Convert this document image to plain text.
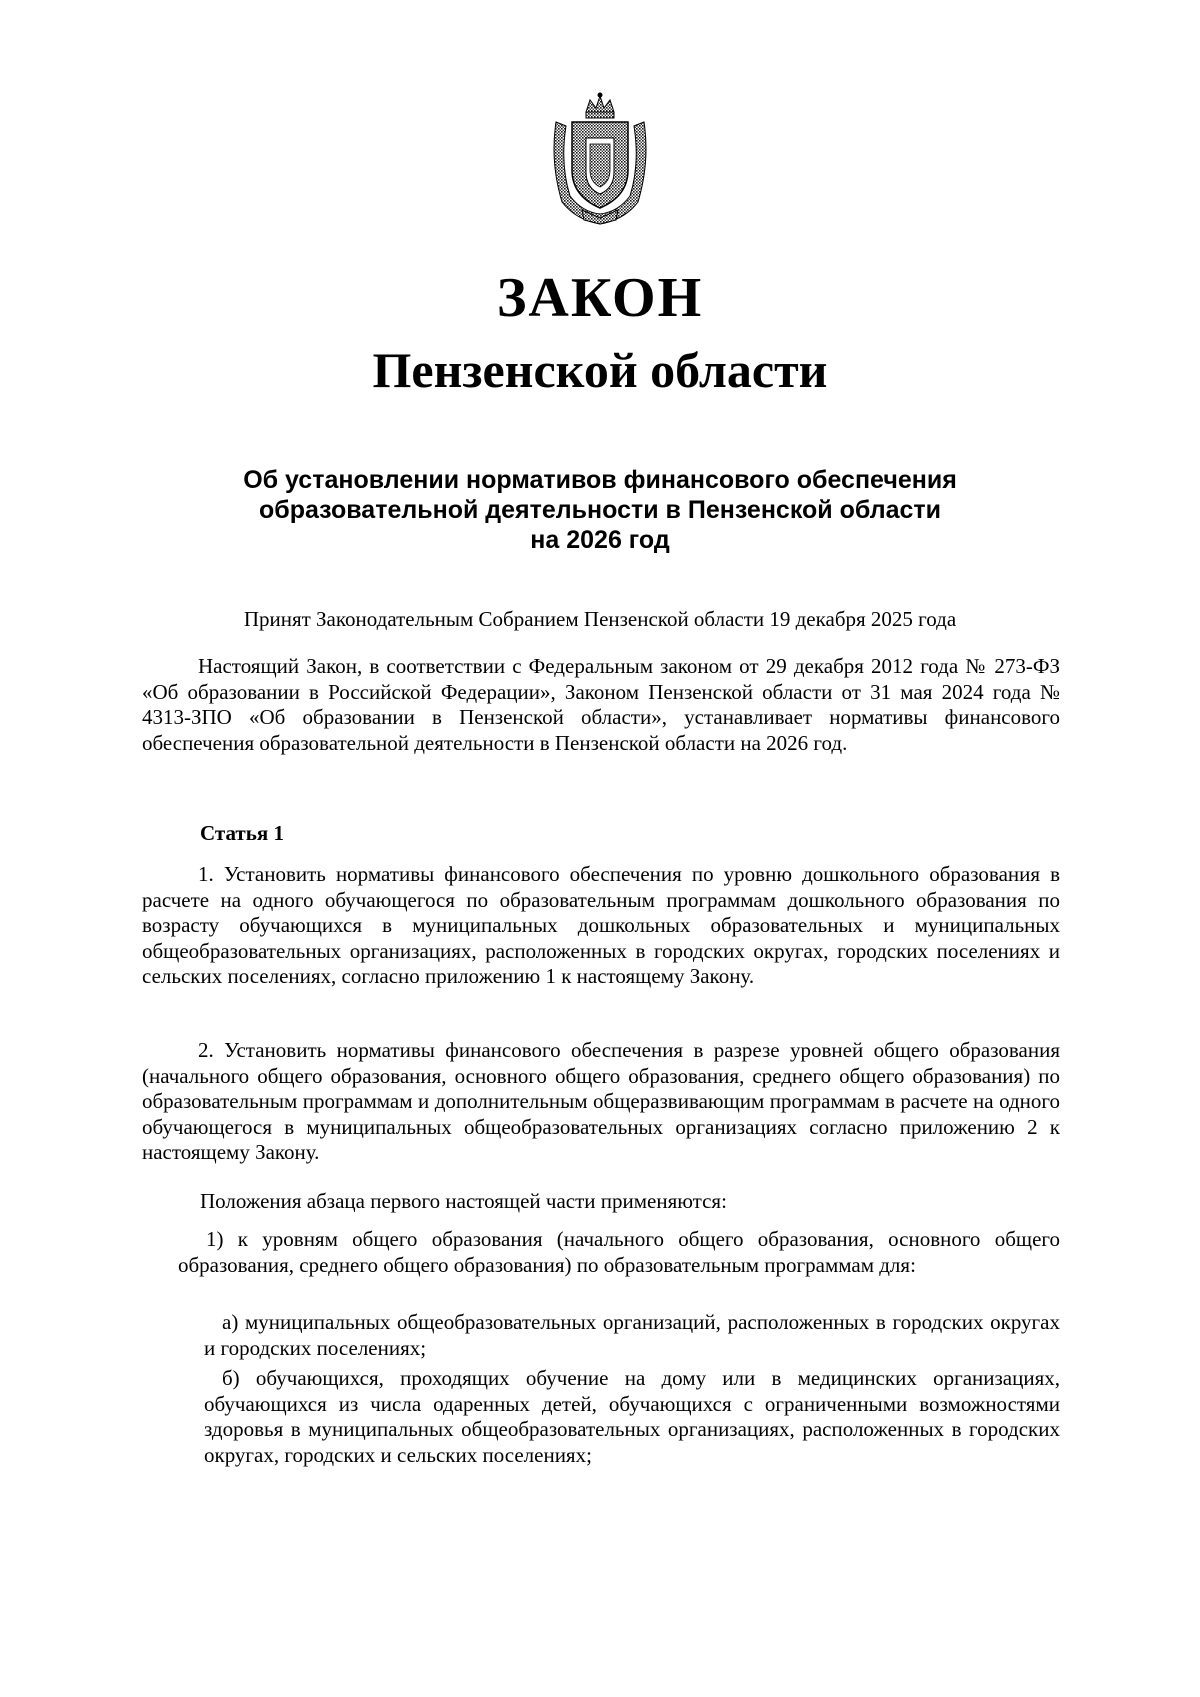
ЗАКОН
Пензенской области
Об установлении нормативов финансового обеспечения
образовательной деятельности в Пензенской области
на 2026 год
Принят Законодательным Собранием Пензенской области 19 декабря 2025 года

Настоящий Закон, в соответствии с Федеральным законом от 29 декабря 2012 года № 273-ФЗ «Об образовании в Российской Федерации», Законом Пензенской области от 31 мая 2024 года № 4313-ЗПО «Об образовании в Пензенской области», устанавливает нормативы финансового обеспечения образовательной деятельности в Пензенской области на 2026 год.

Статья 1

1. Установить нормативы финансового обеспечения по уровню дошкольного образования в расчете на одного обучающегося по образовательным программам дошкольного образования по возрасту обучающихся в муниципальных дошкольных образовательных и муниципальных общеобразовательных организациях, расположенных в городских округах, городских поселениях и сельских поселениях, согласно приложению 1 к настоящему Закону.

2. Установить нормативы финансового обеспечения в разрезе уровней общего образования (начального общего образования, основного общего образования, среднего общего образования) по образовательным программам и дополнительным общеразвивающим программам в расчете на одного обучающегося в муниципальных общеобразовательных организациях согласно приложению 2 к настоящему Закону.

Положения абзаца первого настоящей части применяются:

1) к уровням общего образования (начального общего образования, основного общего образования, среднего общего образования) по образовательным программам для:

а) муниципальных общеобразовательных организаций, расположенных в городских округах и городских поселениях;

б) обучающихся, проходящих обучение на дому или в медицинских организациях, обучающихся из числа одаренных детей, обучающихся с ограниченными возможностями здоровья в муниципальных общеобразовательных организациях, расположенных в городских округах, городских и сельских поселениях;
